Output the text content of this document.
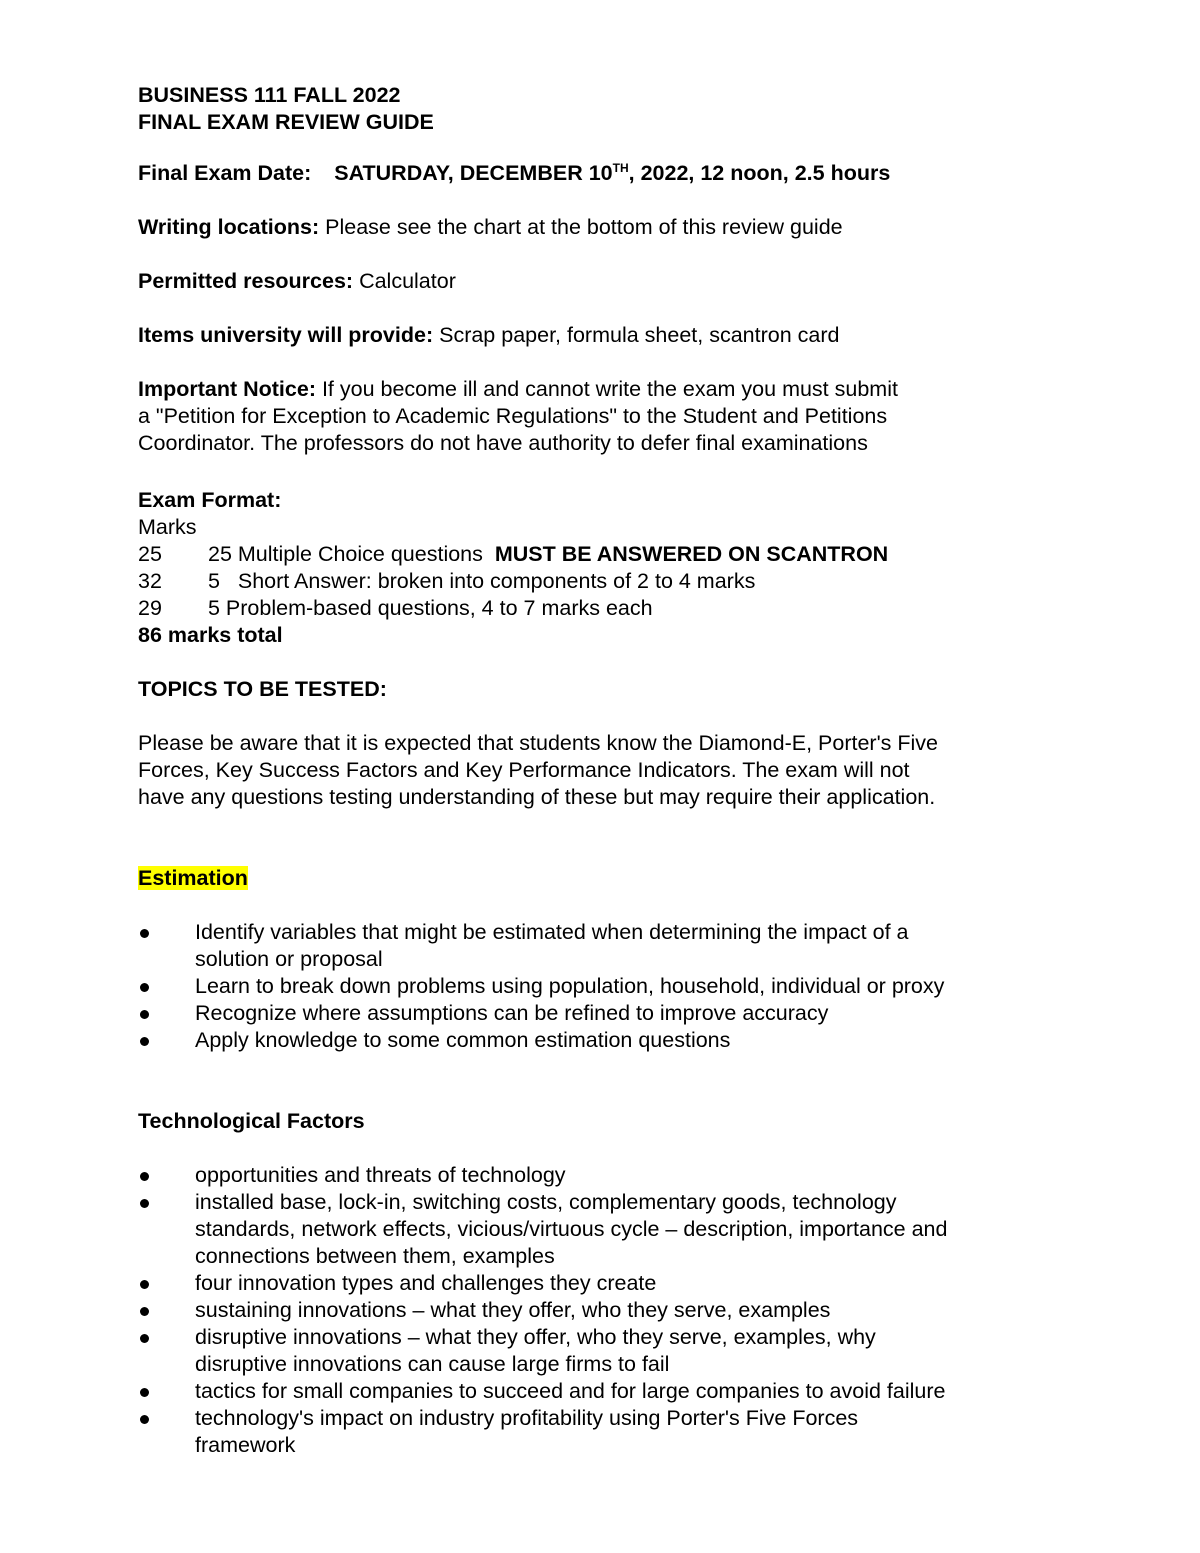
BUSINESS 111 FALL 2022
FINAL EXAM REVIEW GUIDE
Final Exam Date: SATURDAY, DECEMBER 10TH, 2022, 12 noon, 2.5 hours
Writing locations: Please see the chart at the bottom of this review guide
Permitted resources: Calculator
Items university will provide: Scrap paper, formula sheet, scantron card
Important Notice: If you become ill and cannot write the exam you must submit
a "Petition for Exception to Academic Regulations" to the Student and Petitions
Coordinator. The professors do not have authority to defer final examinations
Exam Format:
Marks
25	25 Multiple Choice questions MUST BE ANSWERED ON SCANTRON
32	5   Short Answer: broken into components of 2 to 4 marks
29	5 Problem-based questions, 4 to 7 marks each
86 marks total
TOPICS TO BE TESTED:
Please be aware that it is expected that students know the Diamond-E, Porter's Five
Forces, Key Success Factors and Key Performance Indicators. The exam will not
have any questions testing understanding of these but may require their application.
Estimation
Identify variables that might be estimated when determining the impact of a
solution or proposal
Learn to break down problems using population, household, individual or proxy
Recognize where assumptions can be refined to improve accuracy
Apply knowledge to some common estimation questions
Technological Factors
opportunities and threats of technology
installed base, lock-in, switching costs, complementary goods, technology
standards, network effects, vicious/virtuous cycle – description, importance and
connections between them, examples
four innovation types and challenges they create
sustaining innovations – what they offer, who they serve, examples
disruptive innovations – what they offer, who they serve, examples, why
disruptive innovations can cause large firms to fail
tactics for small companies to succeed and for large companies to avoid failure
technology's impact on industry profitability using Porter's Five Forces
framework
